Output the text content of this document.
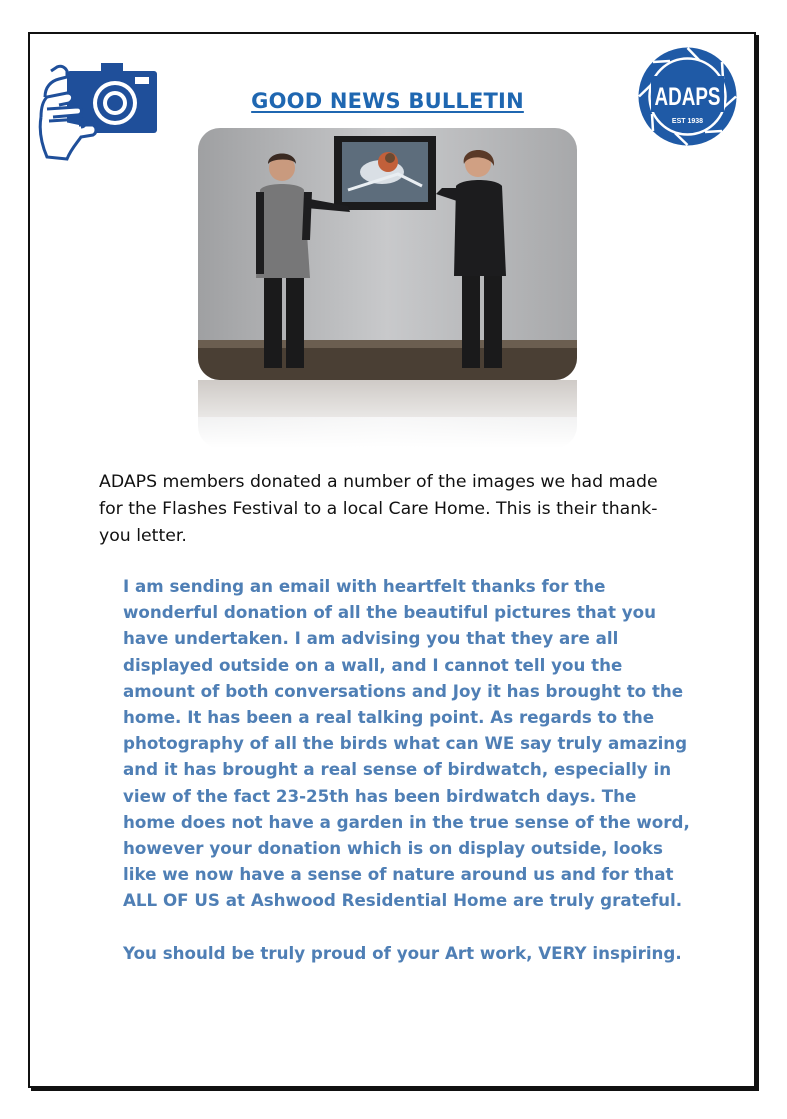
GOOD NEWS BULLETIN	ADAPS
EST 1938
ADAPS members donated a number of the images we had made for the Flashes Festival to a local Care Home. This is their thank-you letter.

I am sending an email with heartfelt thanks for the wonderful donation of all the beautiful pictures that you have undertaken. I am advising you that they are all displayed outside on a wall, and I cannot tell you the amount of both conversations and Joy it has brought to the home. It has been a real talking point. As regards to the photography of all the birds what can WE say truly amazing and it has brought a real sense of birdwatch, especially in view of the fact 23-25th has been birdwatch days. The home does not have a garden in the true sense of the word, however your donation which is on display outside, looks like we now have a sense of nature around us and for that ALL OF US at Ashwood Residential Home are truly grateful.

You should be truly proud of your Art work, VERY inspiring.
